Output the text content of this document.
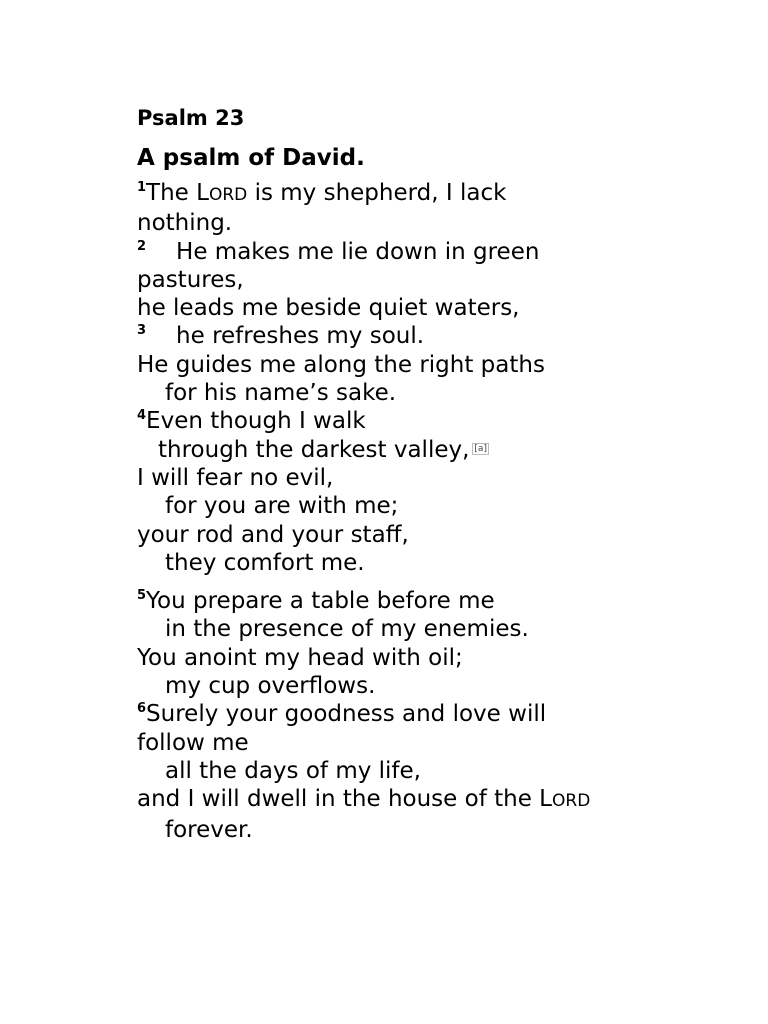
Psalm 23
A psalm of David.
$^1$The LORD is my shepherd, I lack
nothing.
$^2$ He makes me lie down in green
pastures,
he leads me beside quiet waters,
$^3$ he refreshes my soul.
He guides me along the right paths
for his name’s sake.
$^4$Even though I walk
through the darkest valley, [a]
I will fear no evil,
for you are with me;
your rod and your staff,
they comfort me.
$^5$You prepare a table before me
in the presence of my enemies.
You anoint my head with oil;
my cup overflows.
$^6$Surely your goodness and love will
follow me
all the days of my life,
and I will dwell in the house of the LORD
forever.
